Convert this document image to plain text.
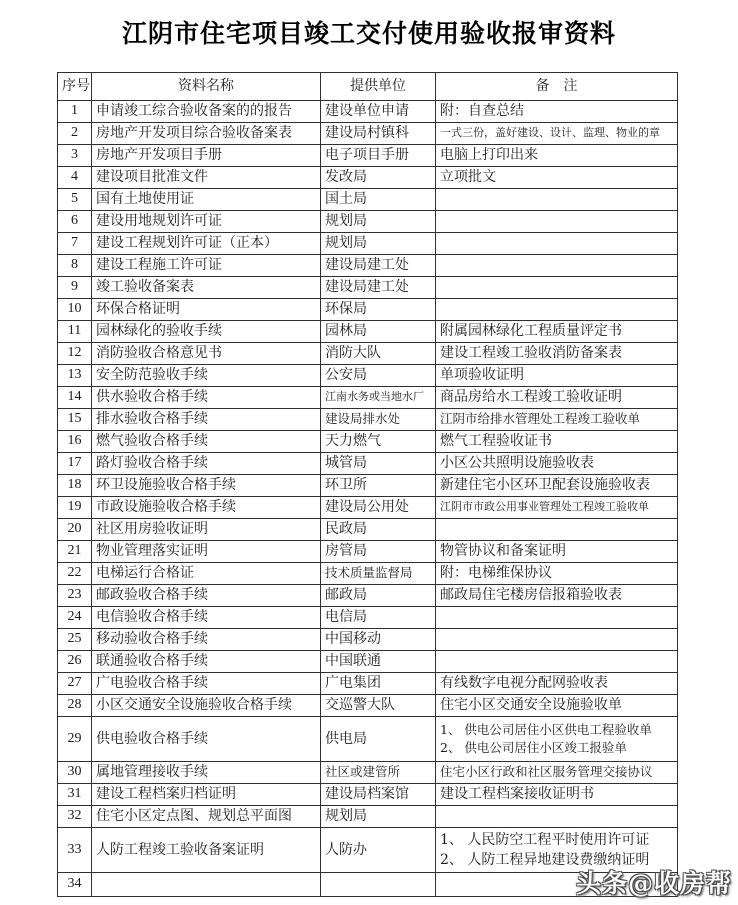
江阴市住宅项目竣工交付使用验收报审资料
序号	资料名称	提供单位	备　注
1	申请竣工综合验收备案的的报告	建设单位申请	附：自查总结
2	房地产开发项目综合验收备案表	建设局村镇科	一式三份，盖好建设、设计、监理、物业的章
3	房地产开发项目手册	电子项目手册	电脑上打印出来
4	建设项目批准文件	发改局	立项批文
5	国有土地使用证	国土局	
6	建设用地规划许可证	规划局	
7	建设工程规划许可证（正本）	规划局	
8	建设工程施工许可证	建设局建工处	
9	竣工验收备案表	建设局建工处	
10	环保合格证明	环保局	
11	园林绿化的验收手续	园林局	附属园林绿化工程质量评定书
12	消防验收合格意见书	消防大队	建设工程竣工验收消防备案表
13	安全防范验收手续	公安局	单项验收证明
14	供水验收合格手续	江南水务或当地水厂	商品房给水工程竣工验收证明
15	排水验收合格手续	建设局排水处	江阴市给排水管理处工程竣工验收单
16	燃气验收合格手续	天力燃气	燃气工程验收证书
17	路灯验收合格手续	城管局	小区公共照明设施验收表
18	环卫设施验收合格手续	环卫所	新建住宅小区环卫配套设施验收表
19	市政设施验收合格手续	建设局公用处	江阴市市政公用事业管理处工程竣工验收单
20	社区用房验收证明	民政局	
21	物业管理落实证明	房管局	物管协议和备案证明
22	电梯运行合格证	技术质量监督局	附：电梯维保协议
23	邮政验收合格手续	邮政局	邮政局住宅楼房信报箱验收表
24	电信验收合格手续	电信局	
25	移动验收合格手续	中国移动	
26	联通验收合格手续	中国联通	
27	广电验收合格手续	广电集团	有线数字电视分配网验收表
28	小区交通安全设施验收合格手续	交巡警大队	住宅小区交通安全设施验收单
29	供电验收合格手续	供电局	1、 供电公司居住小区供电工程验收单
2、 供电公司居住小区竣工报验单

30	属地管理接收手续	社区或建管所	住宅小区行政和社区服务管理交接协议
31	建设工程档案归档证明	建设局档案馆	建设工程档案接收证明书
32	住宅小区定点图、规划总平面图	规划局	
33	人防工程竣工验收备案证明	人防办	1、 人民防空工程平时使用许可证
2、 人防工程异地建设费缴纳证明

34				头条@收房帮
